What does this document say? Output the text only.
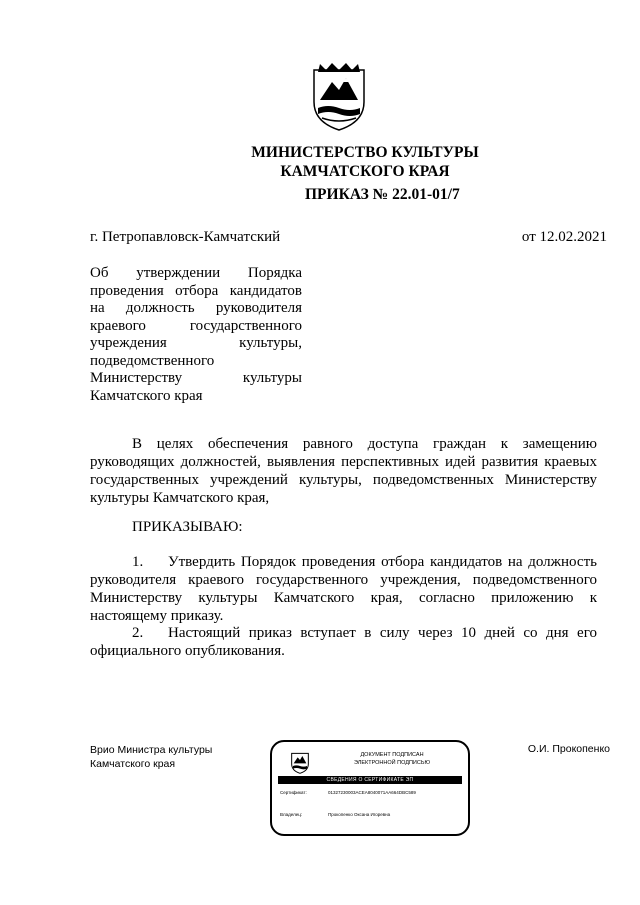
МИНИСТЕРСТВО КУЛЬТУРЫ
КАМЧАТСКОГО КРАЯ
ПРИКАЗ № 22.01-01/7
г. Петропавловск-Камчатский	от 12.02.2021
Об утверждении Порядка
проведения отбора кандидатов
на должность руководителя
краевого государственного
учреждения культуры,
подведомственного
Министерству культуры
Камчатского края
В целях обеспечения равного доступа граждан к замещению руководящих должностей, выявления перспективных идей развития краевых государственных учреждений культуры, подведомственных Министерству культуры Камчатского края,
ПРИКАЗЫВАЮ:
1. Утвердить Порядок проведения отбора кандидатов на должность руководителя краевого государственного учреждения, подведомственного Министерству культуры Камчатского края, согласно приложению к настоящему приказу.
2. Настоящий приказ вступает в силу через 10 дней со дня его официального опубликования.
Врио Министра культуры
Камчатского края
ДОКУМЕНТ ПОДПИСАН
ЭЛЕКТРОННОЙ ПОДПИСЬЮ
СВЕДЕНИЯ О СЕРТИФИКАТЕ ЭП
Сертификат:	01327230003ACEA8040071AA664DBC589
Владелец:	Прокопенко Оксана Игоревна
О.И. Прокопенко
